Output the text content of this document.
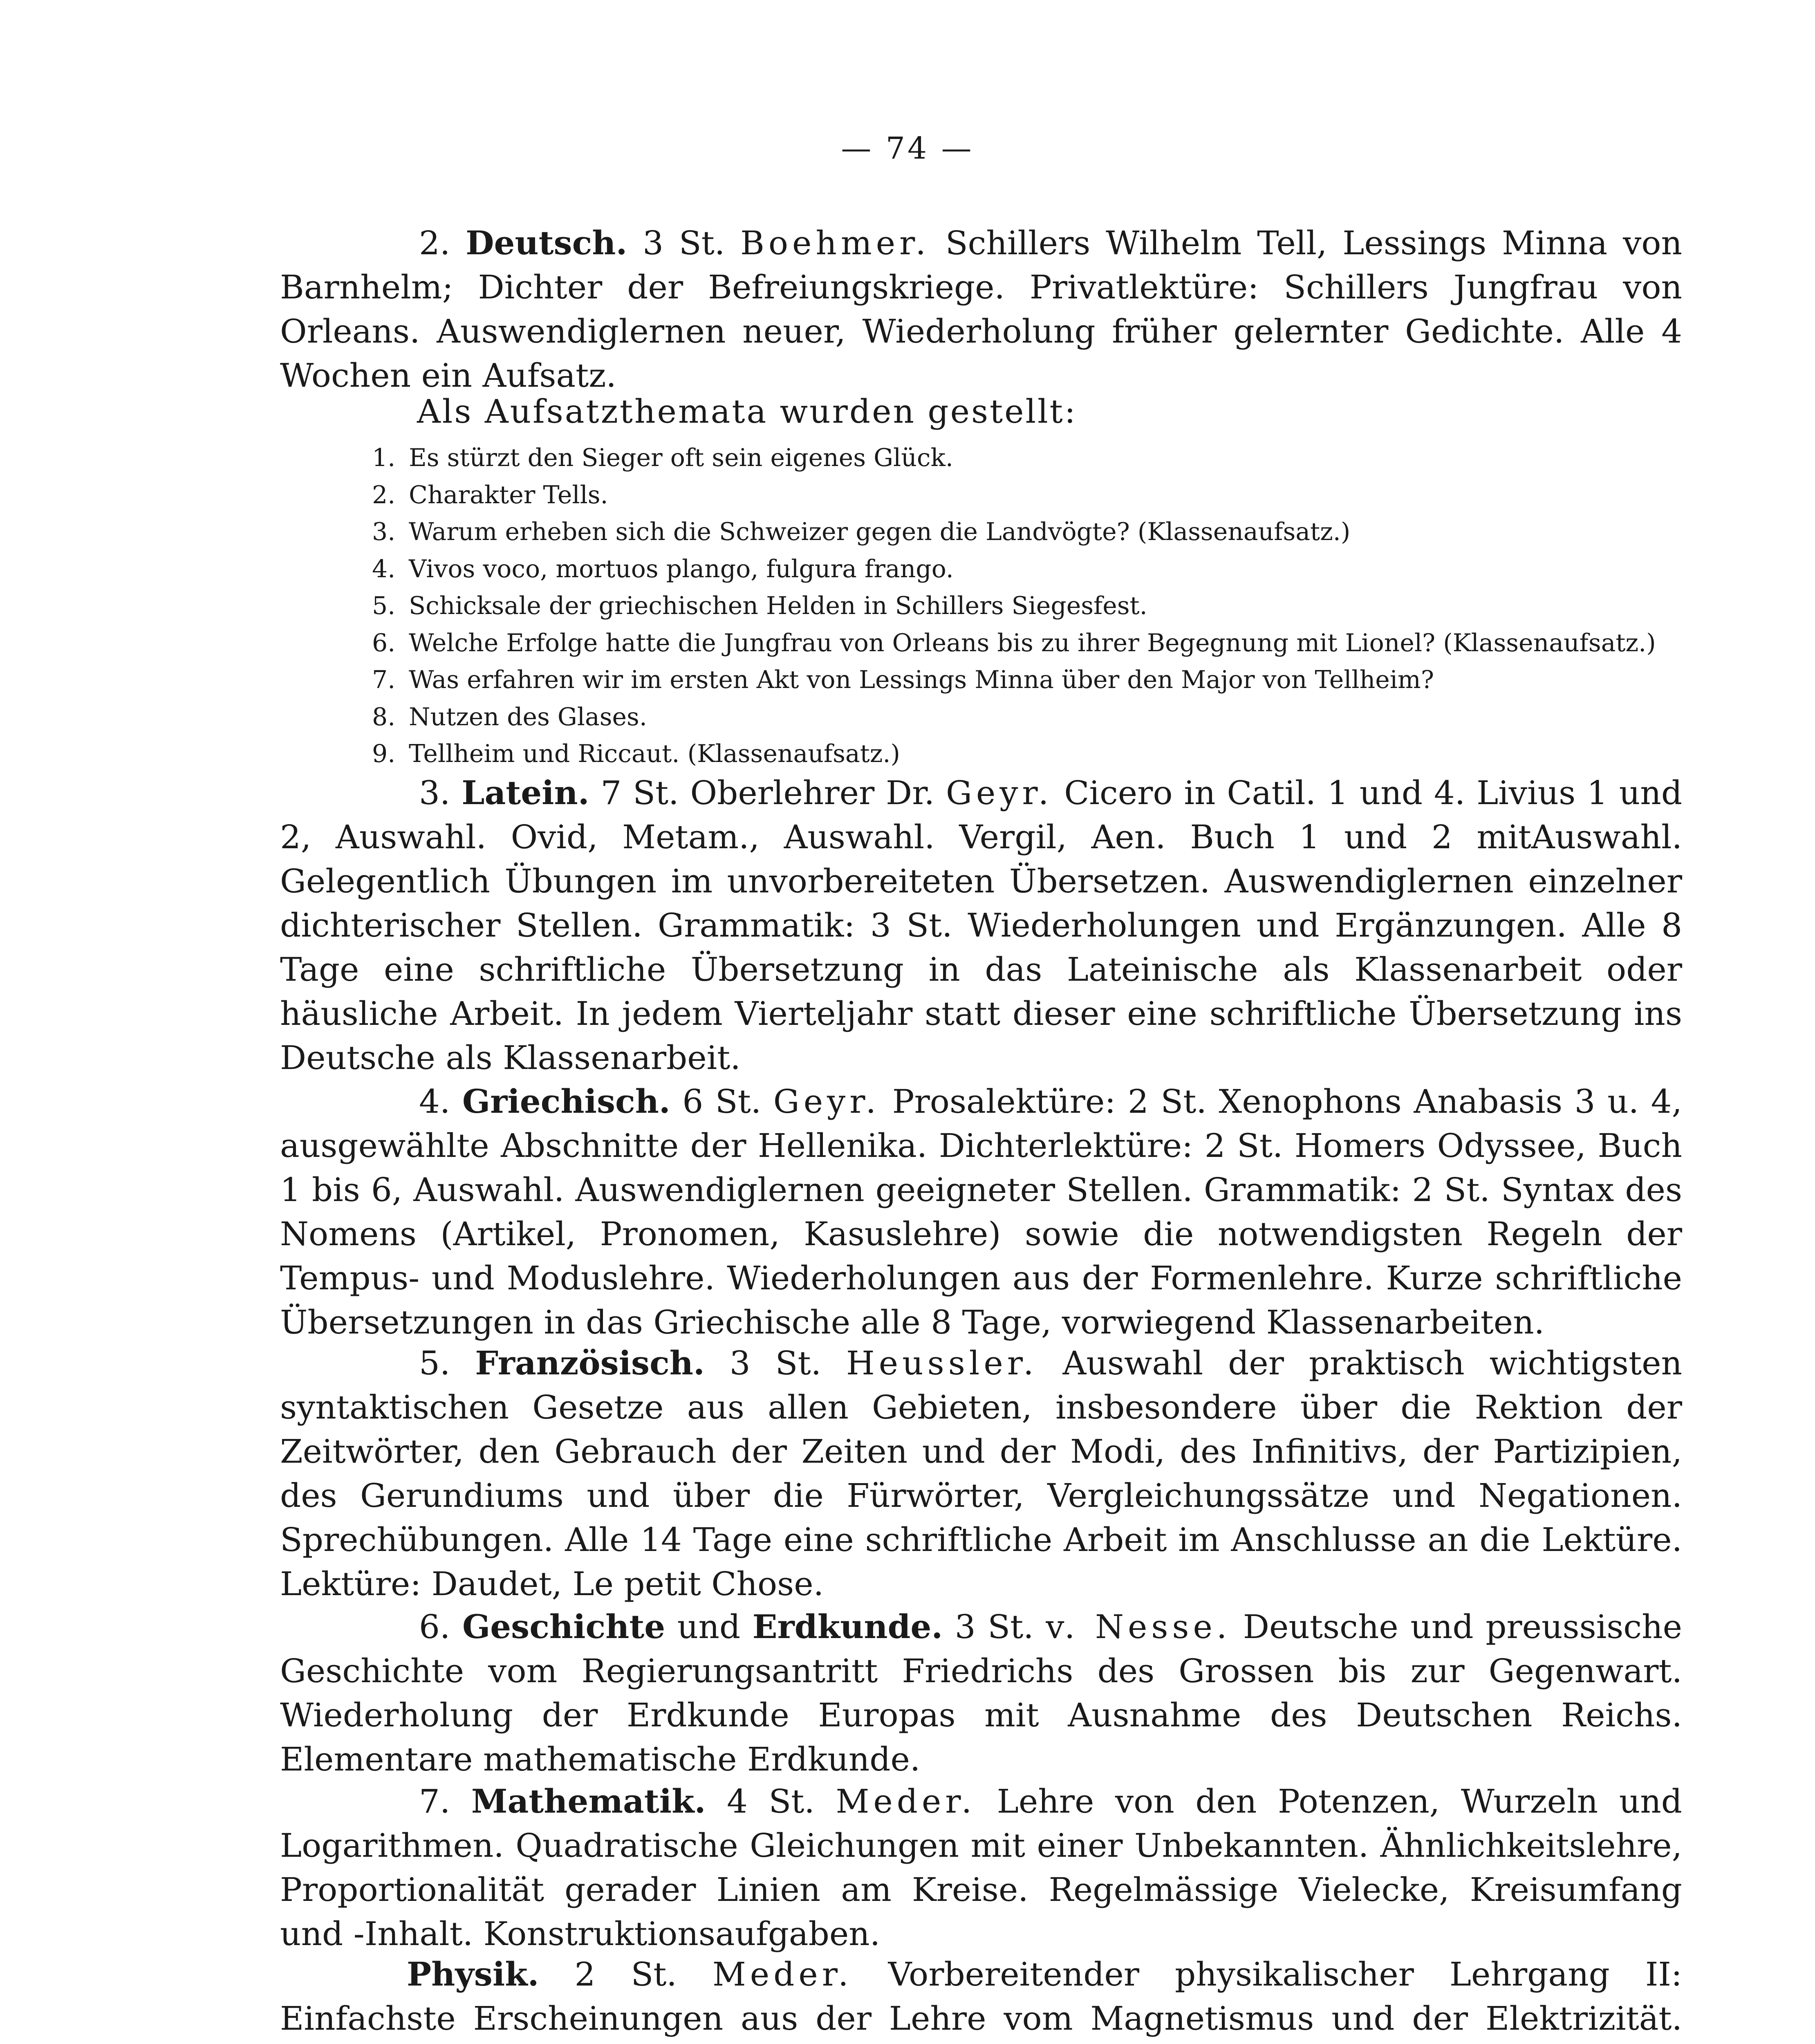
— 74 —

2. Deutsch. 3 St. Boehmer. Schillers Wilhelm Tell, Lessings Minna von Barnhelm; Dichter der Befreiungskriege. Privatlektüre: Schillers Jungfrau von Orleans. Auswendiglernen neuer, Wiederholung früher gelernter Gedichte. Alle 4 Wochen ein Aufsatz.

Als Aufsatzthemata wurden gestellt:
1. Es stürzt den Sieger oft sein eigenes Glück.
2. Charakter Tells.
3. Warum erheben sich die Schweizer gegen die Landvögte? (Klassenaufsatz.)
4. Vivos voco, mortuos plango, fulgura frango.
5. Schicksale der griechischen Helden in Schillers Siegesfest.
6. Welche Erfolge hatte die Jungfrau von Orleans bis zu ihrer Begegnung mit Lionel? (Klassenaufsatz.)
7. Was erfahren wir im ersten Akt von Lessings Minna über den Major von Tellheim?
8. Nutzen des Glases.
9. Tellheim und Riccaut. (Klassenaufsatz.)

3. Latein. 7 St. Oberlehrer Dr. Geyr. Cicero in Catil. 1 und 4. Livius 1 und 2, Auswahl. Ovid, Metam., Auswahl. Vergil, Aen. Buch 1 und 2 mitAuswahl. Gelegentlich Übungen im unvorbereiteten Übersetzen. Auswendiglernen einzelner dichterischer Stellen. Grammatik: 3 St. Wiederholungen und Ergänzungen. Alle 8 Tage eine schriftliche Übersetzung in das Lateinische als Klassenarbeit oder häusliche Arbeit. In jedem Vierteljahr statt dieser eine schriftliche Übersetzung ins Deutsche als Klassenarbeit.

4. Griechisch. 6 St. Geyr. Prosalektüre: 2 St. Xenophons Anabasis 3 u. 4, ausgewählte Abschnitte der Hellenika. Dichterlektüre: 2 St. Homers Odyssee, Buch 1 bis 6, Auswahl. Auswendiglernen geeigneter Stellen. Grammatik: 2 St. Syntax des Nomens (Artikel, Pronomen, Kasuslehre) sowie die notwendigsten Regeln der Tempus- und Moduslehre. Wiederholungen aus der Formenlehre. Kurze schriftliche Übersetzungen in das Griechische alle 8 Tage, vorwiegend Klassenarbeiten.

5. Französisch. 3 St. Heussler. Auswahl der praktisch wichtigsten syntaktischen Gesetze aus allen Gebieten, insbesondere über die Rektion der Zeitwörter, den Gebrauch der Zeiten und der Modi, des Infinitivs, der Partizipien, des Gerundiums und über die Fürwörter, Vergleichungssätze und Negationen. Sprechübungen. Alle 14 Tage eine schriftliche Arbeit im Anschlusse an die Lektüre. Lektüre: Daudet, Le petit Chose.

6. Geschichte und Erdkunde. 3 St. v. Nesse. Deutsche und preussische Geschichte vom Regierungsantritt Friedrichs des Grossen bis zur Gegenwart. Wiederholung der Erdkunde Europas mit Ausnahme des Deutschen Reichs. Elementare mathematische Erdkunde.

7. Mathematik. 4 St. Meder. Lehre von den Potenzen, Wurzeln und Logarithmen. Quadratische Gleichungen mit einer Unbekannten. Ähnlichkeitslehre, Proportionalität gerader Linien am Kreise. Regelmässige Vielecke, Kreisumfang und -Inhalt. Konstruktionsaufgaben.

Physik. 2 St. Meder. Vorbereitender physikalischer Lehrgang II: Einfachste Erscheinungen aus der Lehre vom Magnetismus und der Elektrizität.
